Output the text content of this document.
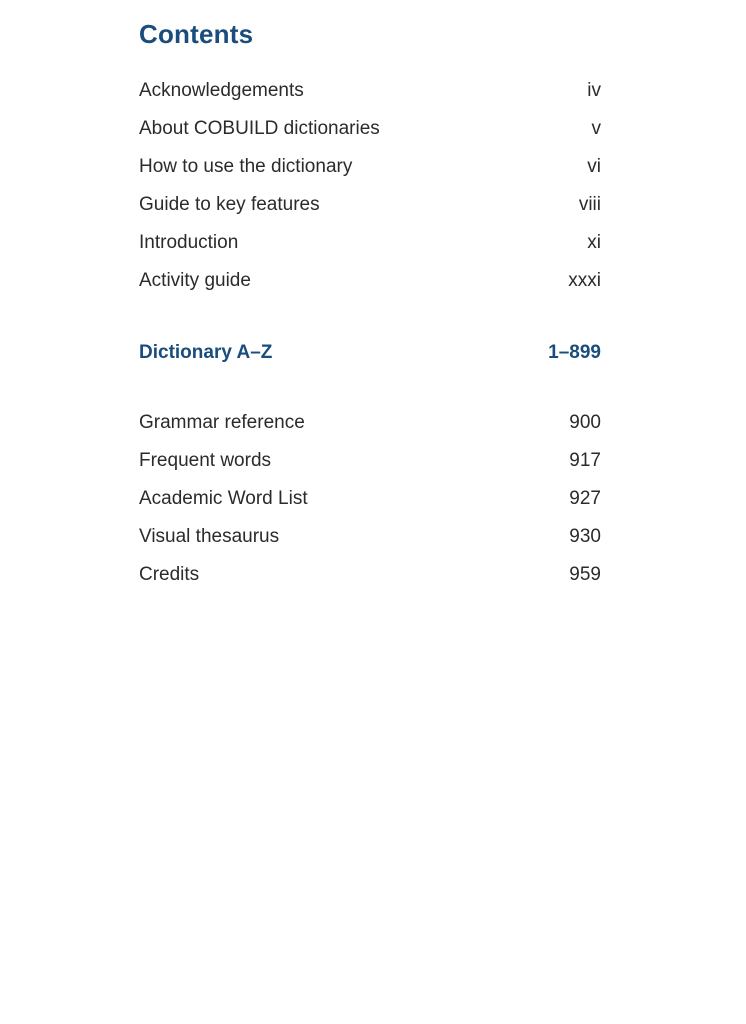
Contents
Acknowledgements	iv
About COBUILD dictionaries	v
How to use the dictionary	vi
Guide to key features	viii
Introduction	xi
Activity guide	xxxi
Dictionary A–Z	1–899
Grammar reference	900
Frequent words	917
Academic Word List	927
Visual thesaurus	930
Credits	959
